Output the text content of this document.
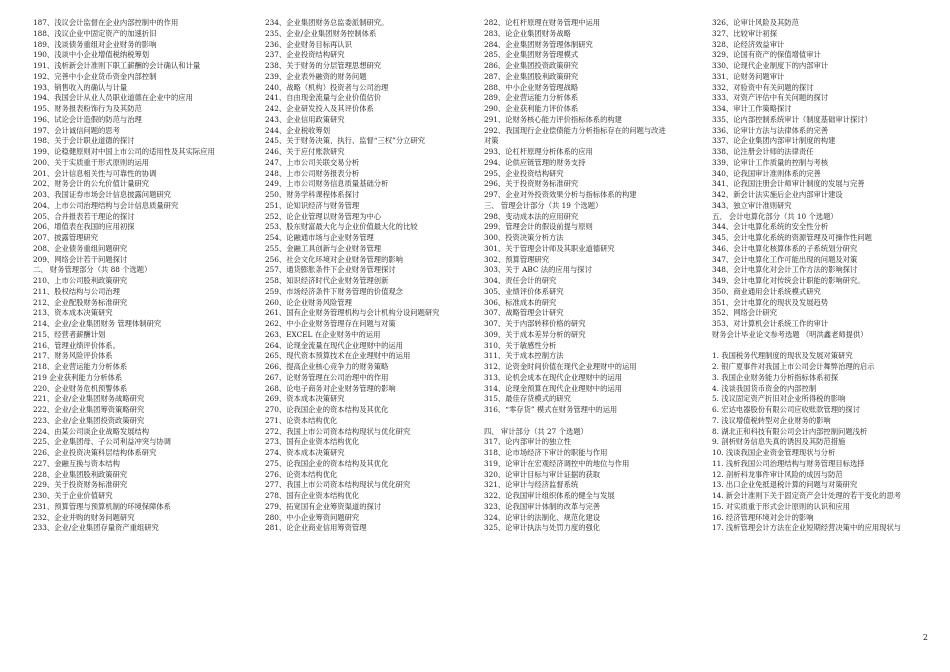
187、浅议会计监督在企业内部控制中的作用
188、浅议企业中固定资产的加速折旧
189、浅谈债务重组对企业财务的影响
190、浅谈中小企业增值税纳税筹划
191、浅析新会计准则下职工薪酬的会计确认和计量
192、完善中小企业货币资金内部控制
193、销售收入的确认与计量
194、我国会计从业人员职业道德在企业中的应用
195、财务报表粉饰行为及其防范
196、试论会计造假的防范与治理
197、会计诚信问题的思考
198、关于会计职业道德的探讨
199、论稳健原则对中国上市公司的适用性及其实际应用
200、关于实质重于形式原则的运用
201、会计信息相关性与可靠性的协调
202、财务会计的公允价值计量研究
203、我国证券市场会计信息披露问题研究
204、上市公司治理结构与会计信息质量研究
205、合并报表若干理论的探讨
206、增值表在我国的应用初探
207、披露管理研究
208、企业债务重组问题研究
209、网络会计若干问题探讨
二、 财务管理部分（共 88 个选题）
210、上市公司股利政策研究
211、股权结构与公司治理
212、企业配股财务标准研究
213、资本成本决策研究
214、企业/企业集团财务 管理体制研究
215、经营者薪酬计划
216、管理业绩评价体系。
217、财务风险评价体系
218、企业营运能力分析体系
219 企业获利能力分析体系
220、企业财务危机预警体系
221、企业/企业集团财务战略研究
222、企业/企业集团筹资策略研究
223、企业/企业集团投资政策研究
224、由某公司谈企业战略发展结构
225、企业集团母、子公司利益冲突与协调
226、企业投资决策科层结构体系研究
227、金融互换与资本结构
228、企业集团股利政策研究
229、关于投资财务标准研究
230、关于企业价值研究
231、预算管理与预算机制的环境保障体系
232、企业并购的财务问题研究
233、企业/企业集团存量资产重组研究
234、企业集团财务总监委派制研究。
235、企业/企业集团财务控制体系
236、企业财务目标再认识
237、企业投资结构研究
238、关于财务的分层管理思想研究
239、企业表外融资的财务问题
240、战略（机构）投资者与公司治理
241、自由现金流量与企业价值估价
242、企业研发投入及其评价体系
243、企业信用政策研究
244、企业税收筹划
245、关于财务决策、执行、监督“三权”分立研究
246、关于应付账款研究
247、上市公司关联交易分析
248、上市公司财务报表分析
249、上市公司财务信息质量基础分析
250、财务学科课程体系探讨
251、论知识经济与财务管理
252、论企业管理以财务管理为中心
253、股东财富最大化与企业价值最大化的比较
254、论融通市场与企业财务管理
255、金融工具创新与企业财务管理
256、社会文化环境对企业财务管理的影响
257、通货膨胀条件下企业财务管理探讨
258、知识经济时代企业财务管理创新
259、市场经济条件下财务管理的价值观念
260、论企业财务风险管理
261、国有企业财务管理机构与会计机构分设问题研究
262、中小企业财务管理存在问题与对策
263、EXCEL 在企业财务中的运用
264、论现金流量在现代企业理财中的运用
265、现代资本预算技术在企业理财中的运用
266、提高企业核心竞争力的财务策略
267、论财务管理在公司治理中的作用
268、论电子商务对企业财务管理的影响
269、资本成本决策研究
270、论我国企业的资本结构及其优化
271、论资本结构优化
272、我国上市公司资本结构现状与优化研究
273、国有企业资本结构优化
274、资本成本决策研究
275、论我国企业的资本结构及其优化
276、论资本结构优化
277、我国上市公司资本结构现状与优化研究
278、国有企业资本结构优化
279、拓宽国有企业筹资渠道的探讨
280、中小企业筹资问题研究
281、论企业商业信用筹资管理
282、论杠杆原理在财务管理中运用
283、论企业集团财务战略
284、企业集团财务管理体制研究
285、企业集团财务管理模式
286、企业集团投资政策研究
287、企业集团股利政策研究
288、中小企业财务管理战略
289、企业营运能力分析体系
290、企业获利能力评价体系
291、论财务核心能力评价指标体系的构建
292、我国现行企业偿债能力分析指标存在的问题与改进
对策
293、论杠杆原理分析体系的应用
294、论供应链管理的财务支持
295、企业投资结构研究
296、关于投资财务标准研究
297、企业对外投资效果分析与指标体系的构建
三、 管理会计部分（共 19 个选题）
298、变动成本法的应用研究
299、管理会计的假设前提与原则
300、投资决策分析方法
301、关于管理会计师及其职业道德研究
302、预算管理研究
303、关于 ABC 法的应用与探讨
304、责任会计的研究
305、业绩评价体系研究
306、标准成本的研究
307、战略管理会计研究
307、关于内部转移价格的研究
309、关于成本差异分析的研究
310、关于敏感性分析
311、关于成本控制方法
312、论资金时间价值在现代企业理财中的运用
313、论机会成本在现代企业理财中的运用
314、论现金预算在现代企业理财中的运用
315、最佳存货模式的研究
316、“零存货” 模式在财务管理中的运用
四、 审计部分（共 27 个选题）
317、论内部审计的独立性
318、论市场经济下审计的职能与作用
319、论审计在宏观经济调控中的地位与作用
320、论审计目标与审计证据的获取
321、论审计与经济监督系统
322、论我国审计组织体系的健全与发展
323、论我国审计体制的改革与完善
324、论审计的法制化、规范化建设
325、论审计执法与处罚力度的强化
326、论审计风险及其防范
327、比较审计初探
328、论经济效益审计
329、论国有资产的保值增值审计
330、论现代企业制度下的内部审计
331、论财务问题审计
332、对验资中有关问题的探讨
333、对资产评估中有关问题的探讨
334、审计工作策略探讨
335、论内部控制系统审计（制度基础审计探讨）
336、论审计方法与法律体系的完善
337、论企业集团内部审计制度的构建
338、论注册会计师的法律责任
339、论审计工作质量的控制与考核
340、论我国审计准则体系的完善
341、论我国注册会计师审计制度的发展与完善
342、新会计法实施后企业内部审计建设
343、独立审计准则研究
五、 会计电算化部分（共 10 个选题）
344、会计电算化系统的安全性分析
345、会计电算化系统的资源管理及可操作性问题
346、会计电算化核算体系的子系统划分研究
347、会计电算化工作可能出现的问题及对策
348、会计电算化对会计工作方法的影响探讨
349、会计电算化对传统会计职能的影响研究。
350、商业通用会计系统模式研究
351、会计电算化的现状及发展趋势
352、网络会计研究
353、对计算机会计系统工作的审计
财务会计毕业论文参考选题 （明洪鑫老师提供）
1. 我国税务代理制度的现状及发展对策研究
2. 银广夏事件对我国上市公司会计舞弊治理的启示
3. 我国企业财务能力分析指标体系初探
4. 浅谈我国货币资金的内部控制
5. 浅议固定资产折旧对企业所得税的影响
6. 宏达电器股份有限公司应收账款管理的探讨
7. 浅议增值税转型对企业财务的影响
8. 湖北正和科技有限公司会计内部控制问题浅析
9. 剖析财务信息失真的诱因及其防范措施
10. 浅谈我国企业资金管理现状与分析
11. 浅析我国公司治理结构与财务管理目标选择
12. 剖析科龙事件审计风险的成因与防范
13. 出口企业免抵退税计算的问题与对策研究
14. 新会计准则下关于固定资产会计处理的若干变化的思考
15. 对实质重于形式会计原则的认识和应用
16. 经济管理环境对会计的影响
17. 浅析管理会计方法在企业短期经营决策中的应用现状与
2
